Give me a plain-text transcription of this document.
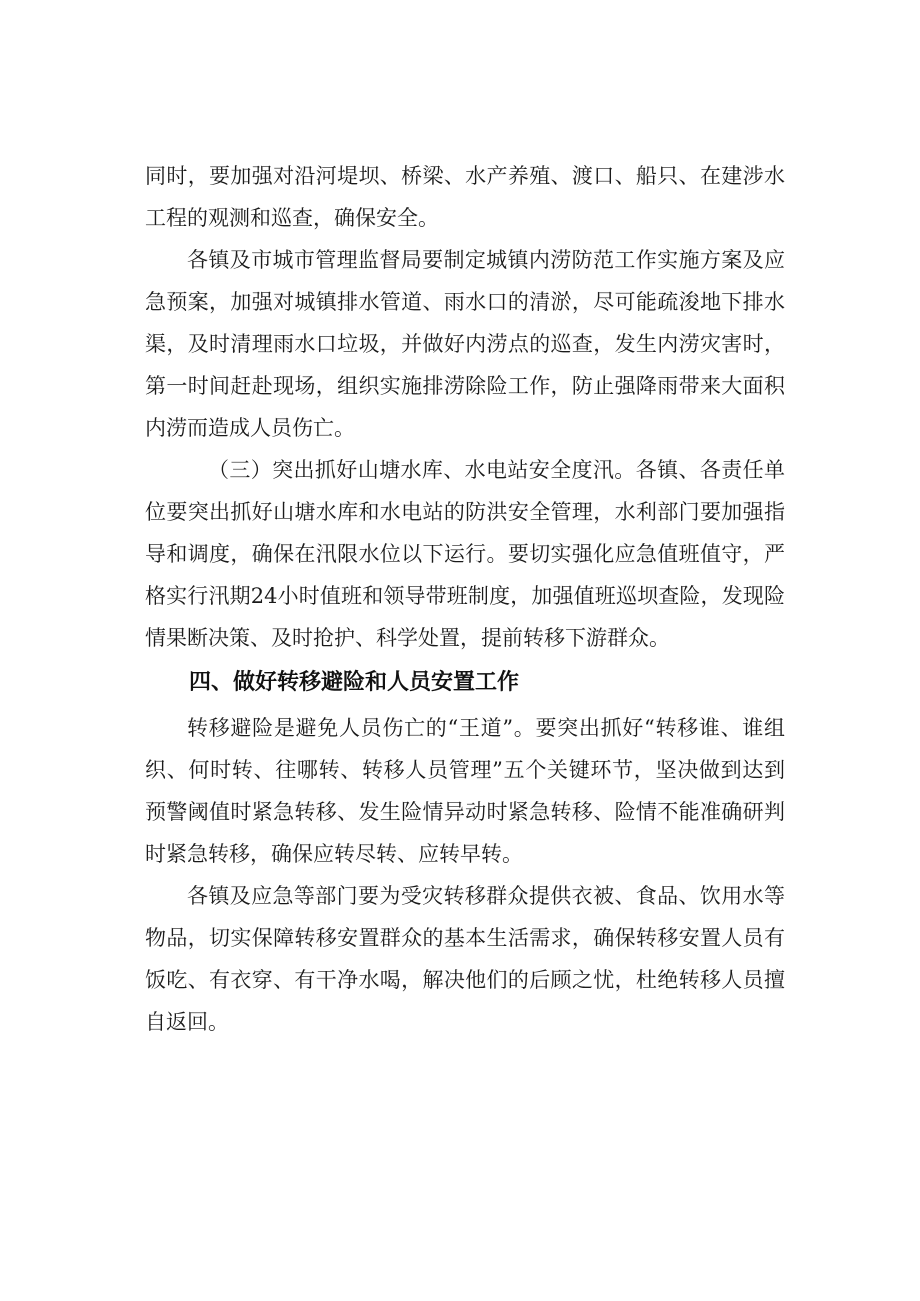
同时，要加强对沿河堤坝、桥梁、水产养殖、渡口、船只、在建涉水工程的观测和巡查，确保安全。

各镇及市城市管理监督局要制定城镇内涝防范工作实施方案及应急预案，加强对城镇排水管道、雨水口的清淤，尽可能疏浚地下排水渠，及时清理雨水口垃圾，并做好内涝点的巡查，发生内涝灾害时，第一时间赶赴现场，组织实施排涝除险工作，防止强降雨带来大面积内涝而造成人员伤亡。

（三）突出抓好山塘水库、水电站安全度汛。各镇、各责任单位要突出抓好山塘水库和水电站的防洪安全管理，水利部门要加强指导和调度，确保在汛限水位以下运行。要切实强化应急值班值守，严格实行汛期24小时值班和领导带班制度，加强值班巡坝查险，发现险情果断决策、及时抢护、科学处置，提前转移下游群众。

四、做好转移避险和人员安置工作

转移避险是避免人员伤亡的“王道”。要突出抓好“转移谁、谁组织、何时转、往哪转、转移人员管理”五个关键环节，坚决做到达到预警阈值时紧急转移、发生险情异动时紧急转移、险情不能准确研判时紧急转移，确保应转尽转、应转早转。

各镇及应急等部门要为受灾转移群众提供衣被、食品、饮用水等物品，切实保障转移安置群众的基本生活需求，确保转移安置人员有饭吃、有衣穿、有干净水喝，解决他们的后顾之忧，杜绝转移人员擅自返回。
